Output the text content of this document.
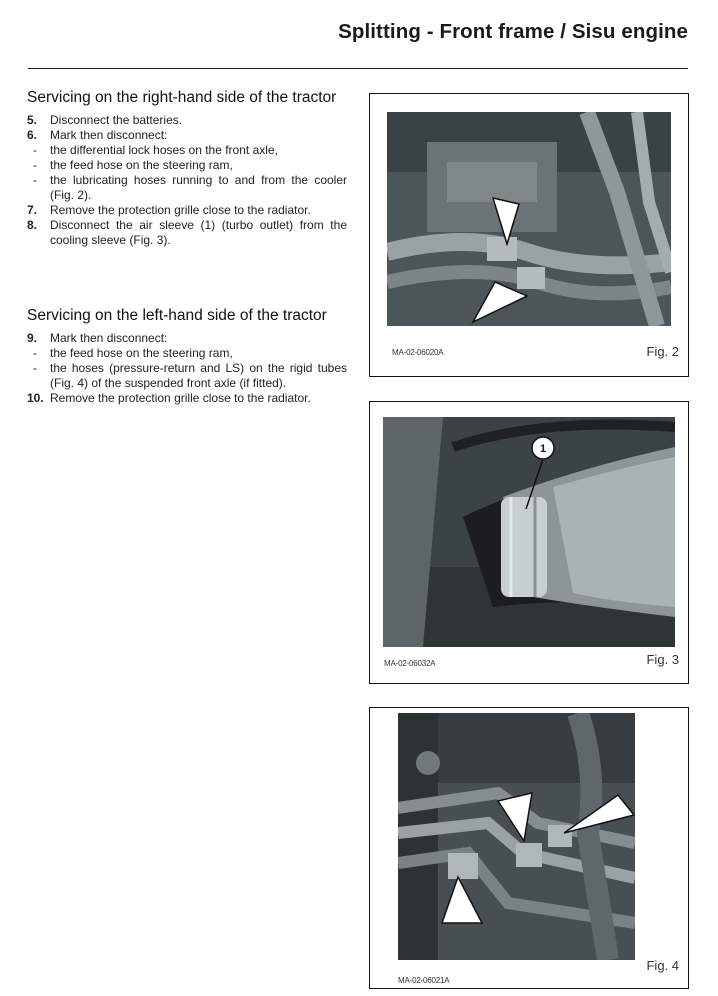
Splitting - Front frame / Sisu engine
Servicing on the right-hand side of the tractor
5.	Disconnect the batteries.
6.	Mark then disconnect:
-	the differential lock hoses on the front axle,
-	the feed hose on the steering ram,
-	the lubricating hoses running to and from the cooler (Fig. 2).
7.	Remove the protection grille close to the radiator.
8.	Disconnect the air sleeve (1) (turbo outlet) from the cooling sleeve (Fig. 3).
Servicing on the left-hand side of the tractor
9.	Mark then disconnect:
-	the feed hose on the steering ram,
-	the hoses (pressure-return and LS) on the rigid tubes (Fig. 4) of the suspended front axle (if fitted).
10. Remove the protection grille close to the radiator.
MA-02-06020A	Fig. 2
1
MA-02-06032A	Fig. 3
MA-02-06021A
Fig. 4
